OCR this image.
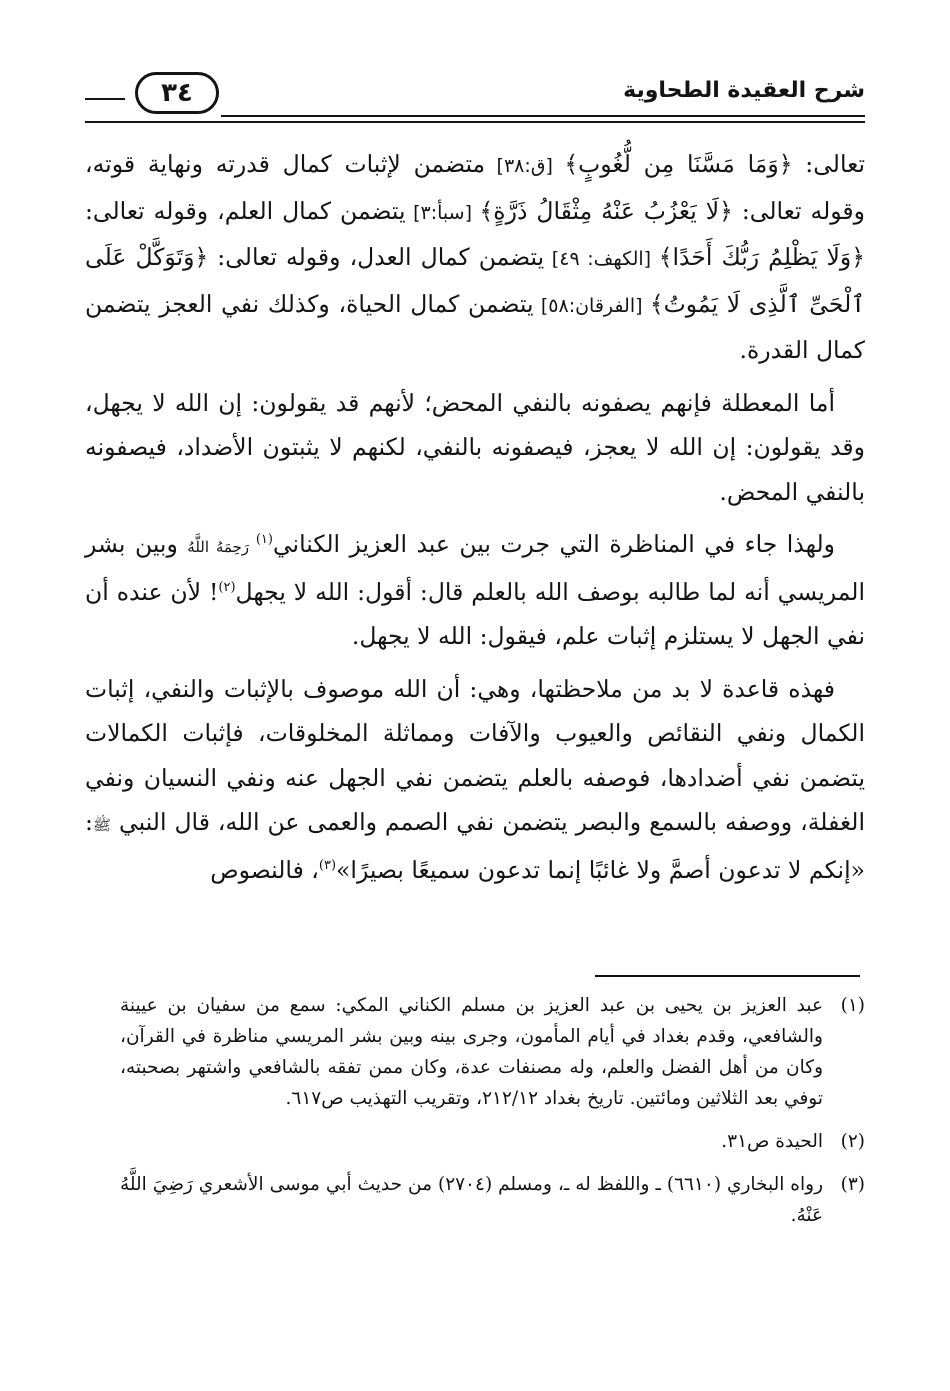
شرح العقيدة الطحاوية
٣٤

تعالى: ﴿وَمَا مَسَّنَا مِن لُّغُوبٍ﴾ [ق:٣٨] متضمن لإثبات كمال قدرته ونهاية قوته، وقوله تعالى: ﴿لَا يَعْزُبُ عَنْهُ مِثْقَالُ ذَرَّةٍ﴾ [سبأ:٣] يتضمن كمال العلم، وقوله تعالى: ﴿وَلَا يَظْلِمُ رَبُّكَ أَحَدًا﴾ [الكهف: ٤٩] يتضمن كمال العدل، وقوله تعالى: ﴿وَتَوَكَّلْ عَلَى ٱلْحَىِّ ٱلَّذِى لَا يَمُوتُ﴾ [الفرقان:٥٨] يتضمن كمال الحياة، وكذلك نفي العجز يتضمن كمال القدرة.

أما المعطلة فإنهم يصفونه بالنفي المحض؛ لأنهم قد يقولون: إن الله لا يجهل، وقد يقولون: إن الله لا يعجز، فيصفونه بالنفي، لكنهم لا يثبتون الأضداد، فيصفونه بالنفي المحض.

ولهذا جاء في المناظرة التي جرت بين عبد العزيز الكناني$^{(١)}$ رَحِمَهُ اللَّهُ وبين بشر المريسي أنه لما طالبه بوصف الله بالعلم قال: أقول: الله لا يجهل$^{(٢)}$! لأن عنده أن نفي الجهل لا يستلزم إثبات علم، فيقول: الله لا يجهل.

فهذه قاعدة لا بد من ملاحظتها، وهي: أن الله موصوف بالإثبات والنفي، إثبات الكمال ونفي النقائص والعيوب والآفات ومماثلة المخلوقات، فإثبات الكمالات يتضمن نفي أضدادها، فوصفه بالعلم يتضمن نفي الجهل عنه ونفي النسيان ونفي الغفلة، ووصفه بالسمع والبصر يتضمن نفي الصمم والعمى عن الله، قال النبي ﷺ: «إنكم لا تدعون أصمَّ ولا غائبًا إنما تدعون سميعًا بصيرًا»$^{(٣)}$، فالنصوص

(١)
عبد العزيز بن يحيى بن عبد العزيز بن مسلم الكناني المكي: سمع من سفيان بن عيينة والشافعي، وقدم بغداد في أيام المأمون، وجرى بينه وبين بشر المريسي مناظرة في القرآن، وكان من أهل الفضل والعلم، وله مصنفات عدة، وكان ممن تفقه بالشافعي واشتهر بصحبته، توفي بعد الثلاثين ومائتين. تاريخ بغداد ٢١٢/١٢، وتقريب التهذيب ص٦١٧.
(٢)
الحيدة ص٣١.
(٣)
رواه البخاري (٦٦١٠) ـ واللفظ له ـ، ومسلم (٢٧٠٤) من حديث أبي موسى الأشعري رَضِيَ اللَّهُ عَنْهُ.
